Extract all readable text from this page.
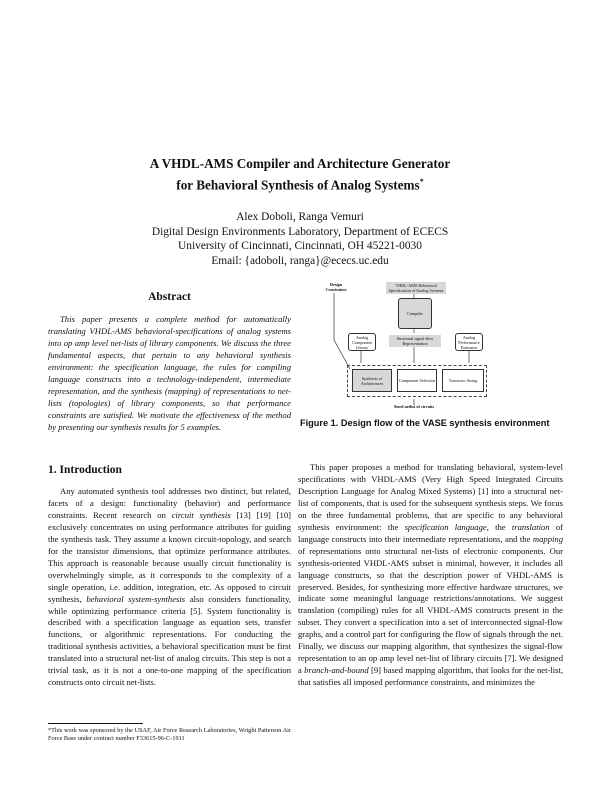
A VHDL-AMS Compiler and Architecture Generator
for Behavioral Synthesis of Analog Systems*
Alex Doboli, Ranga Vemuri
Digital Design Environments Laboratory, Department of ECECS
University of Cincinnati, Cincinnati, OH 45221-0030
Email: {adoboli, ranga}@ececs.uc.edu
Abstract

This paper presents a complete method for automatically translating VHDL-AMS behavioral-specifications of analog systems into op amp level net-lists of library components. We discuss the three fundamental aspects, that pertain to any behavioral synthesis environment: the specification language, the rules for compiling language constructs into a technology-independent, intermediate representation, and the synthesis (mapping) of representations to net-lists (topologies) of library components, so that performance constraints are satisfied. We motivate the effectiveness of the method by presenting our synthesis results for 5 examples.

1. Introduction

Any automated synthesis tool addresses two distinct, but related, facets of a design: functionality (behavior) and performance constraints. Recent research on circuit synthesis [13] [19] [10] exclusively concentrates on using performance attributes for guiding the synthesis task. They assume a known circuit-topology, and search for the transistor dimensions, that optimize performance attributes. This approach is reasonable because usually circuit functionality is overwhelmingly simple, as it corresponds to the complexity of a single operation, i.e. addition, integration, etc. As opposed to circuit synthesis, behavioral system-synthesis also considers functionality, while optimizing performance criteria [5]. System functionality is described with a specification language as equation sets, transfer functions, or algorithmic representations. For conducting the traditional synthesis activities, a behavioral specification must be first translated into a structural net-list of analog circuits. This step is not a trivial task, as it is not a one-to-one mapping of the specification constructs onto circuit net-lists.

*This work was sponsored by the USAF, Air Force Research Laboratories, Wright Patterson Air Force Base under contract number F33615-96-C-1911
Design Constraints
VHDL-AMS Behavioral Specification of Analog Systems
Compiler
Analog Component Library
Structural signal-flow Representation
Analog Performance Estimator
Synthesis of Architectures	Component Selection	Transistor Sizing
Sized netlist of circuits
Figure 1. Design flow of the VASE synthesis environment

This paper proposes a method for translating behavioral, system-level specifications with VHDL-AMS (Very High Speed Integrated Circuits Description Language for Analog Mixed Systems) [1] into a structural net-list of components, that is used for the subsequent synthesis steps. We focus on the three fundamental problems, that are specific to any behavioral synthesis environment: the specification language, the translation of language constructs into their intermediate representations, and the mapping of representations onto structural net-lists of electronic components. Our synthesis-oriented VHDL-AMS subset is minimal, however, it includes all language constructs, so that the description power of VHDL-AMS is preserved. Besides, for synthesizing more effective hardware structures, we indicate some meaningful language restrictions/annotations. We suggest translation (compiling) rules for all VHDL-AMS constructs present in the subset. They convert a specification into a set of interconnected signal-flow graphs, and a control part for configuring the flow of signals through the net. Finally, we discuss our mapping algorithm, that synthesizes the signal-flow representation to an op amp level net-list of library circuits [7]. We designed a branch-and-bound [9] based mapping algorithm, that looks for the net-list, that satisfies all imposed performance constraints, and minimizes the
